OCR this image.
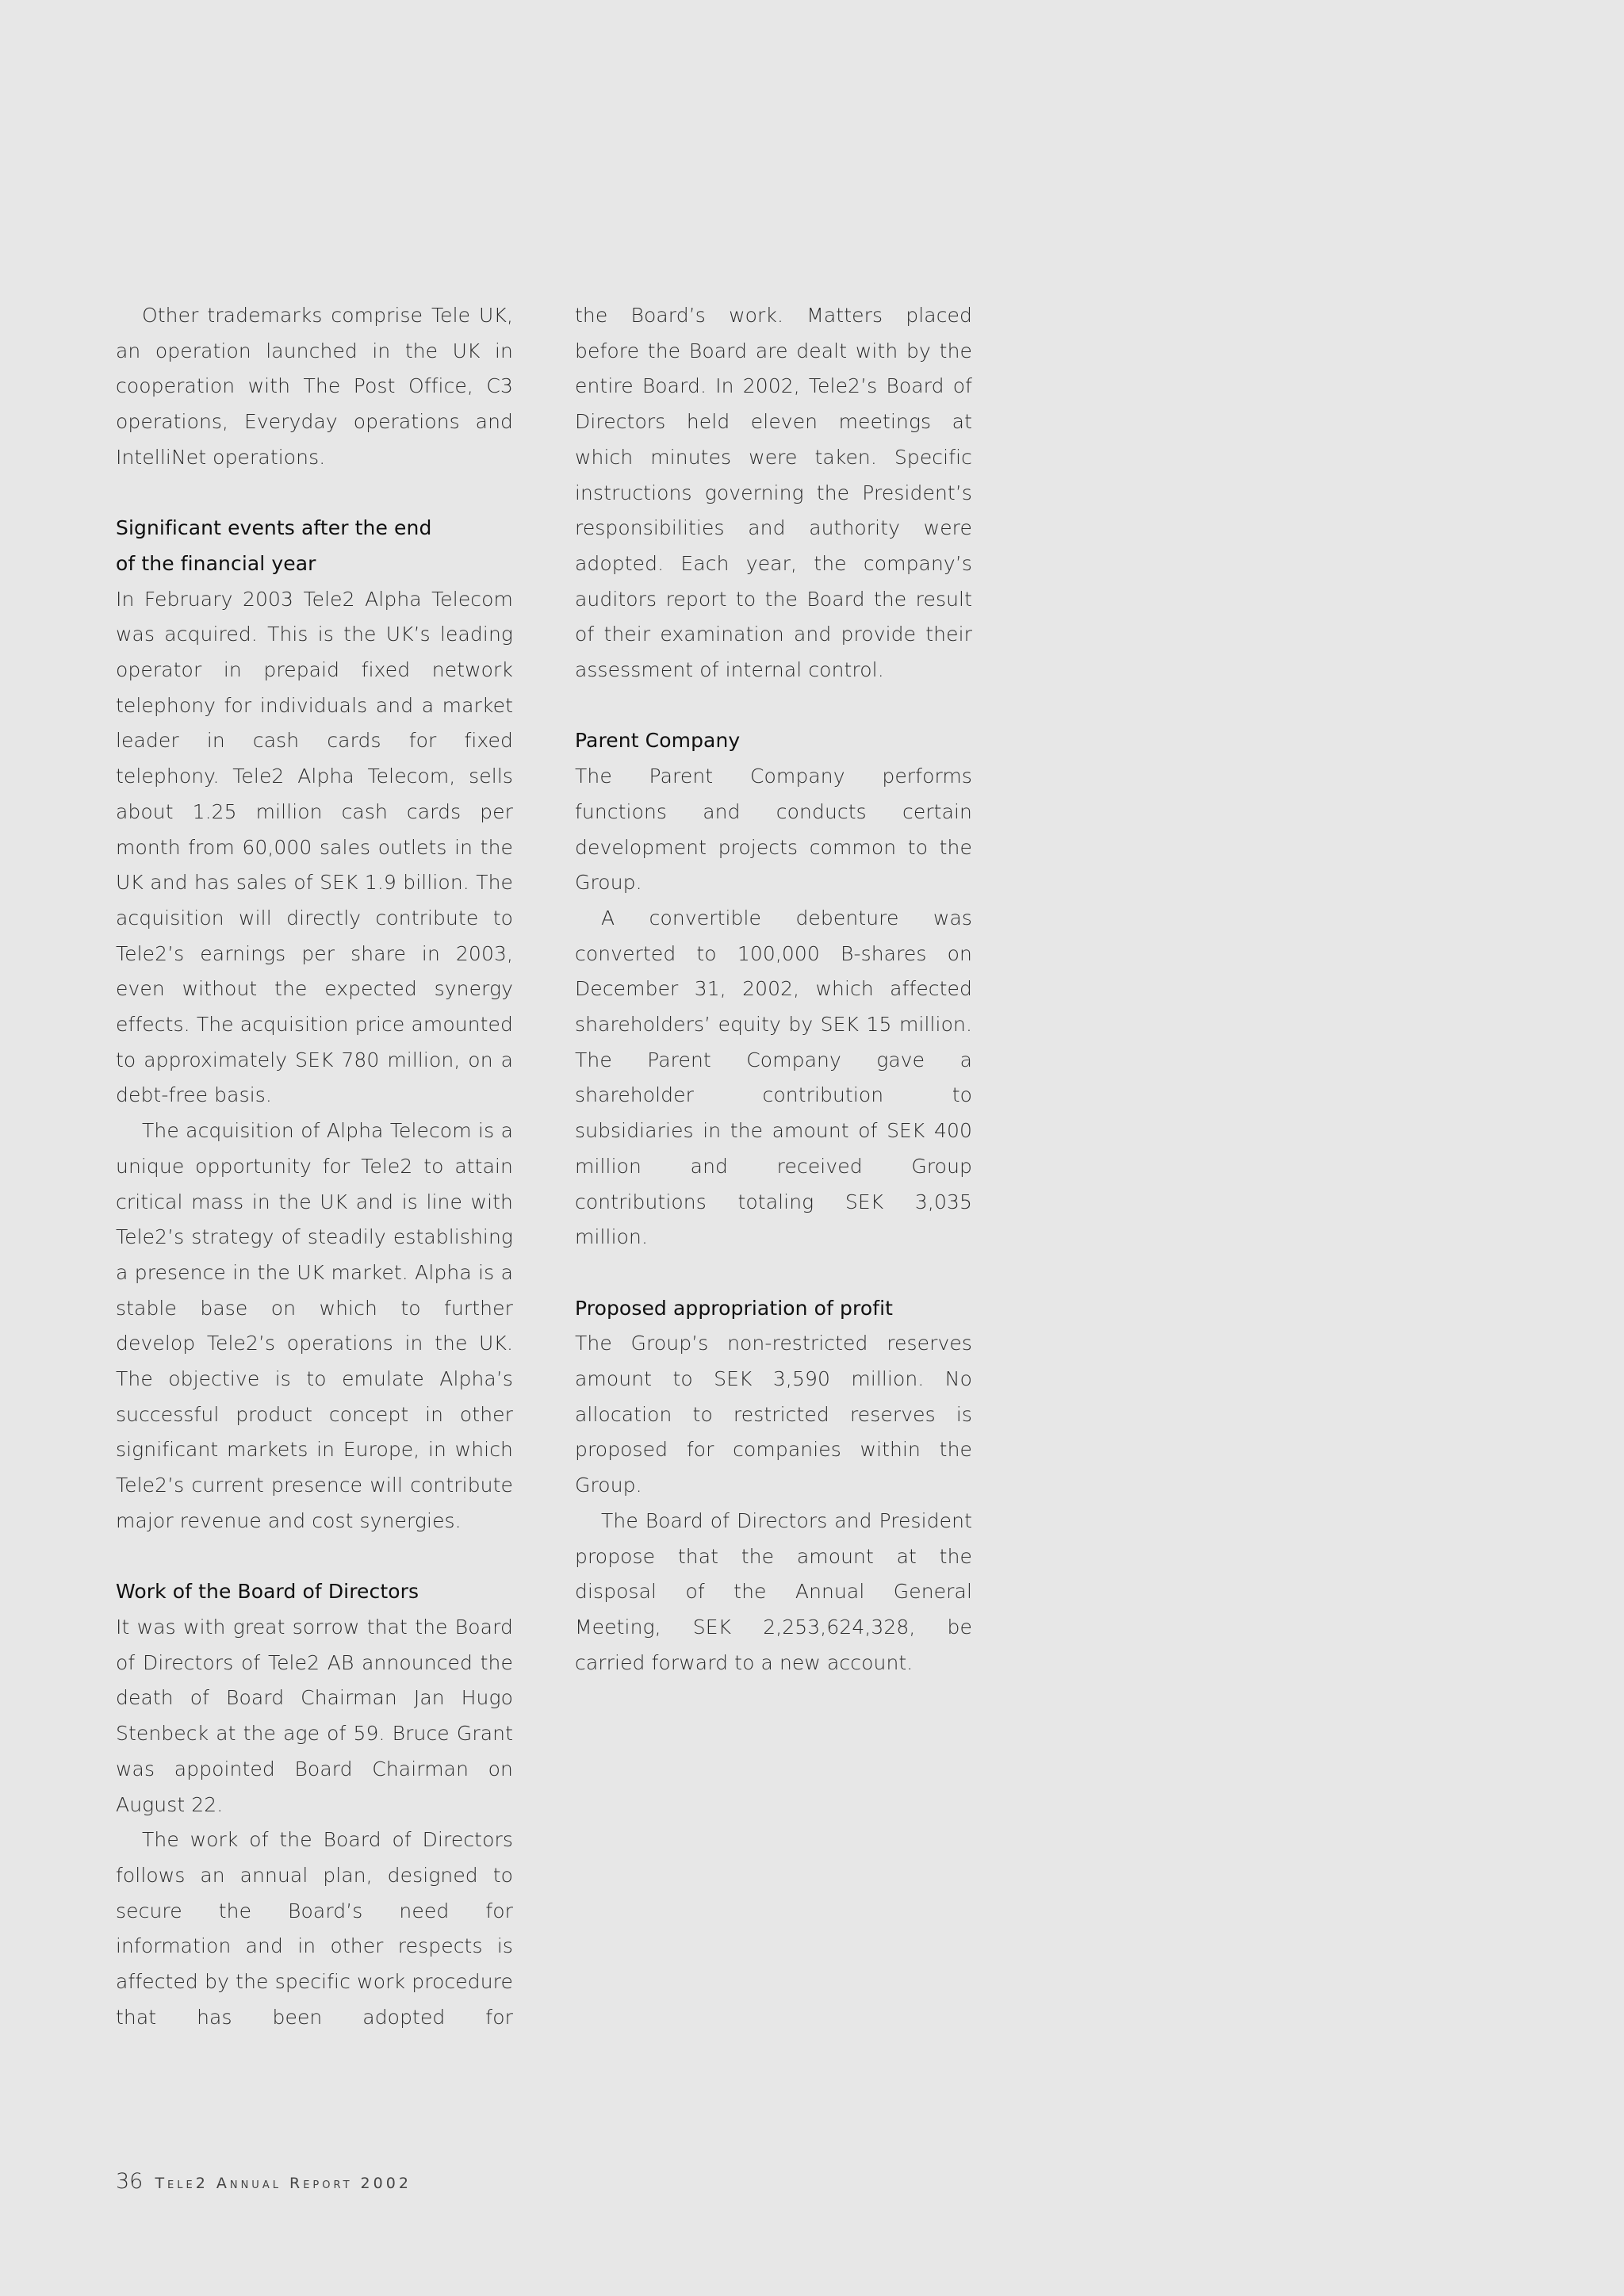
Other trademarks comprise Tele UK, an operation launched in the UK in cooperation with The Post Office, C3 operations, Everyday operations and IntelliNet operations.

Significant events after the end
of the financial year

In February 2003 Tele2 Alpha Telecom was acquired. This is the UK’s leading operator in prepaid fixed network telephony for individuals and a market leader in cash cards for fixed telephony. Tele2 Alpha Telecom, sells about 1.25 million cash cards per month from 60,000 sales outlets in the UK and has sales of SEK 1.9 billion. The acquisition will directly contribute to Tele2’s earnings per share in 2003, even without the expected synergy effects. The acquisition price amounted to approximately SEK 780 million, on a debt-free basis.

The acquisition of Alpha Telecom is a unique opportunity for Tele2 to attain critical mass in the UK and is line with Tele2’s strategy of steadily establishing a presence in the UK market. Alpha is a stable base on which to further develop Tele2’s operations in the UK. The objective is to emulate Alpha’s successful product concept in other significant markets in Europe, in which Tele2’s current presence will contribute major revenue and cost synergies.

Work of the Board of Directors

It was with great sorrow that the Board of Directors of Tele2 AB announced the death of Board Chairman Jan Hugo Stenbeck at the age of 59. Bruce Grant was appointed Board Chairman on August 22.

The work of the Board of Directors follows an annual plan, designed to secure the Board’s need for information and in other respects is affected by the specific work procedure that has been adopted for

the Board’s work. Matters placed before the Board are dealt with by the entire Board. In 2002, Tele2’s Board of Directors held eleven meetings at which minutes were taken. Specific instructions governing the President’s responsibilities and authority were adopted. Each year, the company’s auditors report to the Board the result of their examination and provide their assessment of internal control.

Parent Company

The Parent Company performs functions and conducts certain development projects common to the Group.

A convertible debenture was converted to 100,000 B-shares on December 31, 2002, which affected shareholders’ equity by SEK 15 million. The Parent Company gave a shareholder contribution to subsidiaries in the amount of SEK 400 million and received Group contributions totaling SEK 3,035 million.

Proposed appropriation of profit

The Group’s non-restricted reserves amount to SEK 3,590 million. No allocation to restricted reserves is proposed for companies within the Group.

The Board of Directors and President propose that the amount at the disposal of the Annual General Meeting, SEK 2,253,624,328, be carried forward to a new account.

36 Tele2 Annual Report 2002
